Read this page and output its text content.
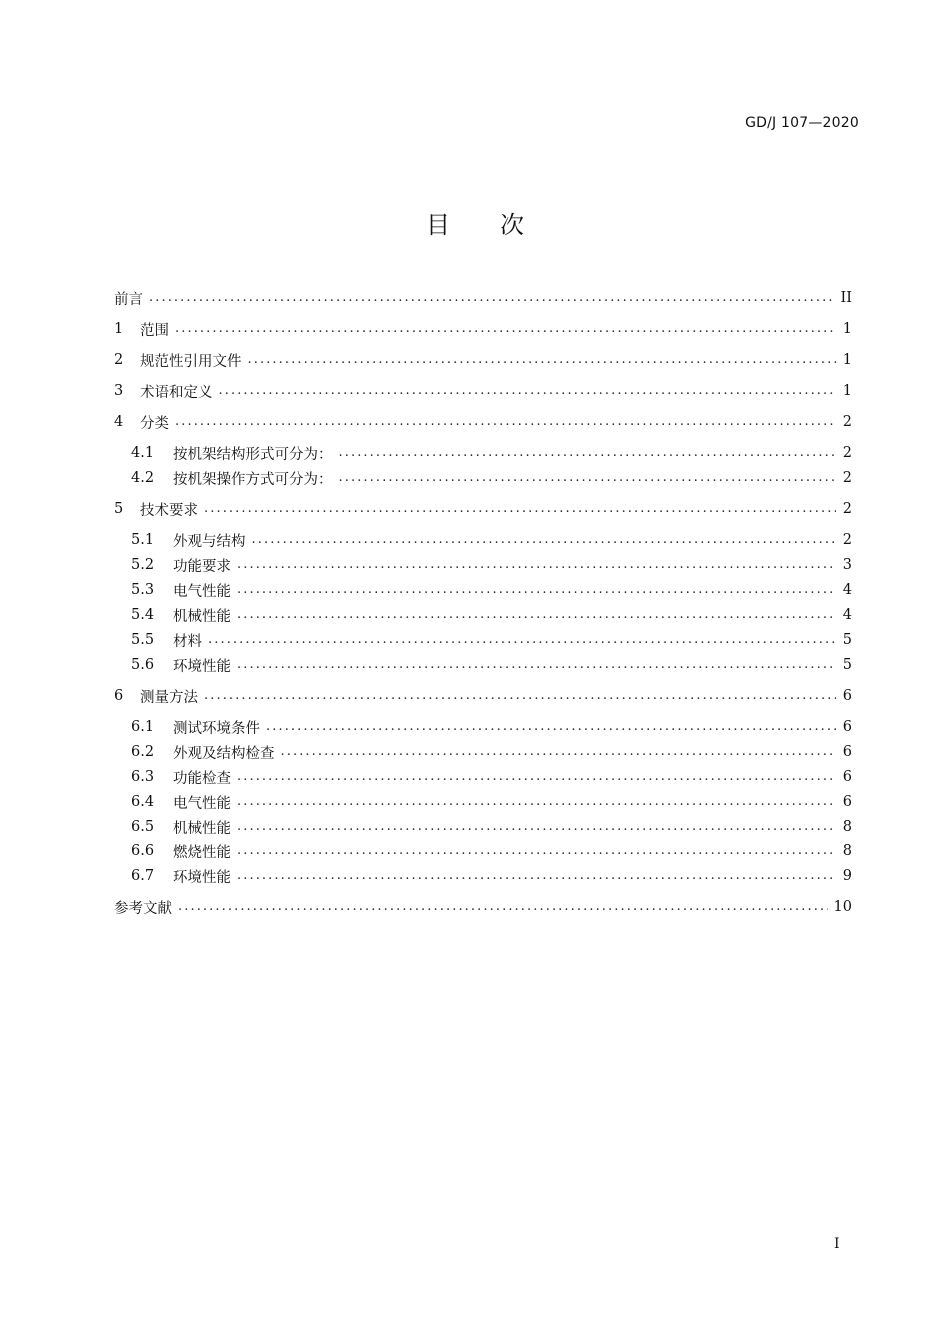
GD/J 107—2020
目次
前言 .....	II
1	范围 .....	1
2	规范性引用文件 .....	1
3	术语和定义 .....	1
4	分类 .....	2
4.1	按机架结构形式可分为： .....	2
4.2	按机架操作方式可分为： .....	2
5	技术要求 .....	2
5.1	外观与结构 .....	2
5.2	功能要求 .....	3
5.3	电气性能 .....	4
5.4	机械性能 .....	4
5.5	材料 .....	5
5.6	环境性能 .....	5
6	测量方法 .....	6
6.1	测试环境条件 .....	6
6.2	外观及结构检查 .....	6
6.3	功能检查 .....	6
6.4	电气性能 .....	6
6.5	机械性能 .....	8
6.6	燃烧性能 .....	8
6.7	环境性能 .....	9
参考文献 .....	10
I
